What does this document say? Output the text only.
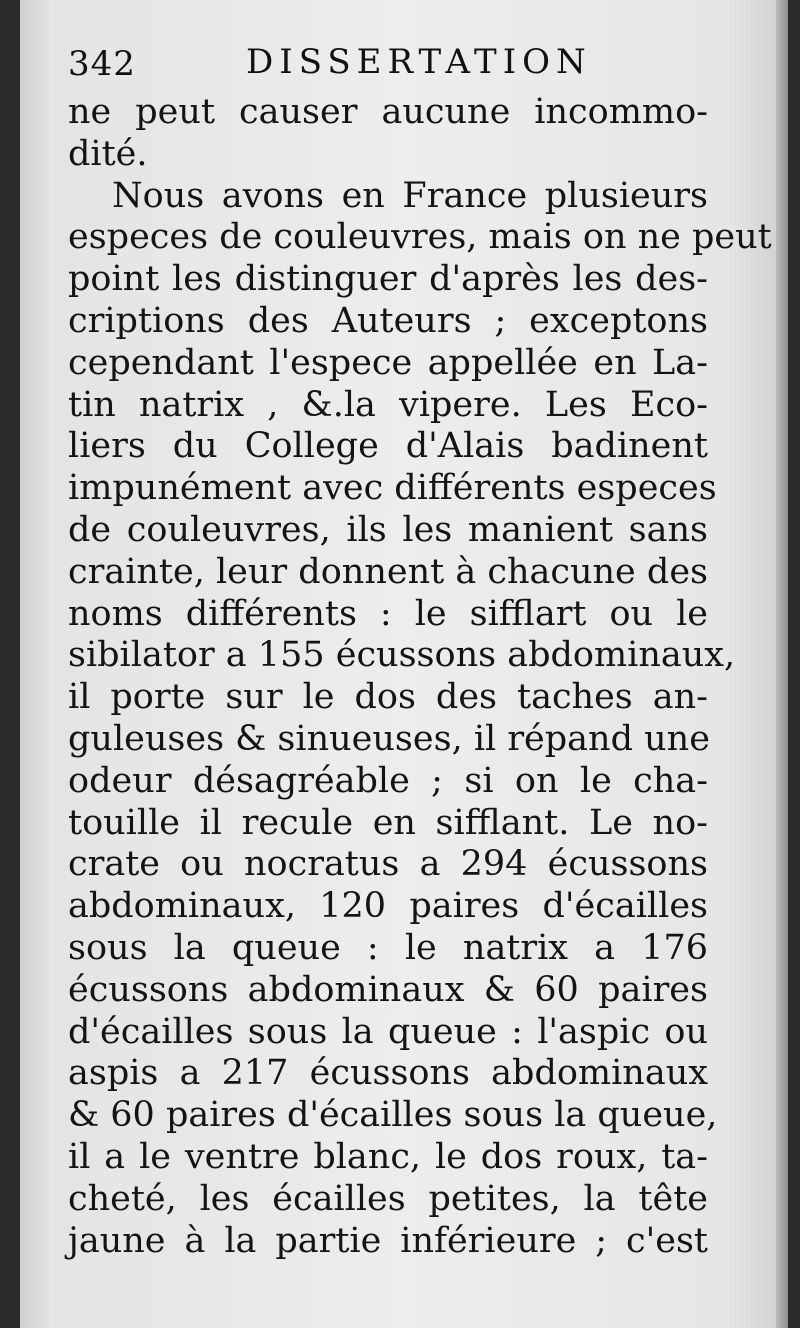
342	DISSERTATION
ne peut causer aucune incommo-
dité.
Nous avons en France plusieurs
especes de couleuvres, mais on ne peut
point les distinguer d'après les des-
criptions des Auteurs ; exceptons
cependant l'espece appellée en La-
tin natrix , &.la vipere. Les Eco-
liers du College d'Alais badinent
impunément avec différents especes
de couleuvres, ils les manient sans
crainte, leur donnent à chacune des
noms différents : le sifflart ou le
sibilator a 155 écussons abdominaux,
il porte sur le dos des taches an-
guleuses & sinueuses, il répand une
odeur désagréable ; si on le cha-
touille il recule en sifflant. Le no-
crate ou nocratus a 294 écussons
abdominaux, 120 paires d'écailles
sous la queue : le natrix a 176
écussons abdominaux & 60 paires
d'écailles sous la queue : l'aspic ou
aspis a 217 écussons abdominaux
& 60 paires d'écailles sous la queue,
il a le ventre blanc, le dos roux, ta-
cheté, les écailles petites, la tête
jaune à la partie inférieure ; c'est
